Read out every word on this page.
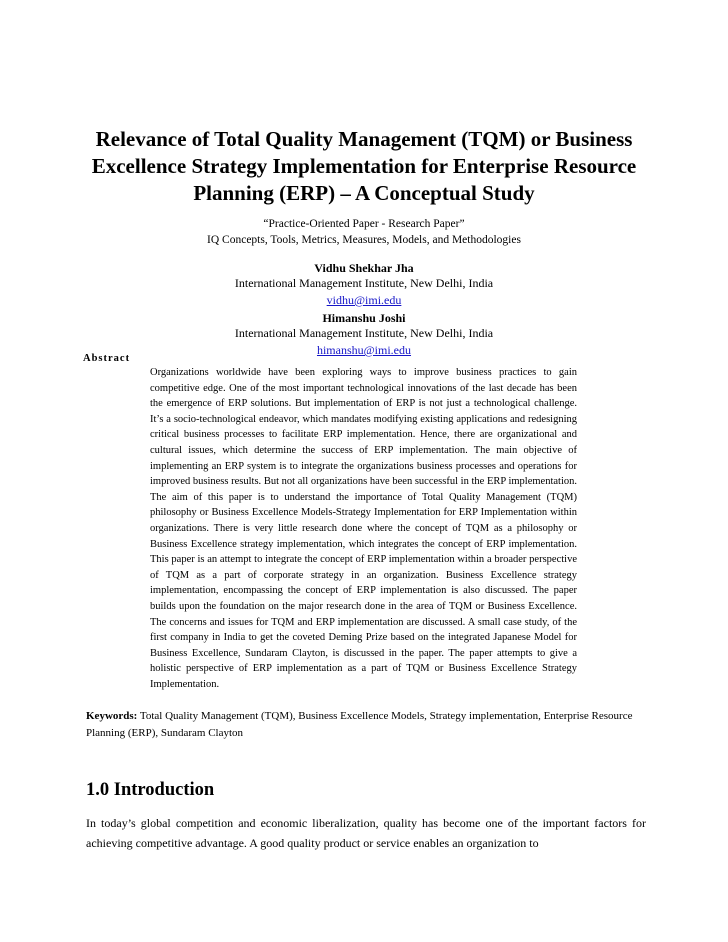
Relevance of Total Quality Management (TQM) or Business Excellence Strategy Implementation for Enterprise Resource Planning (ERP) – A Conceptual Study
“Practice-Oriented Paper - Research Paper”
IQ Concepts, Tools, Metrics, Measures, Models, and Methodologies
Vidhu Shekhar Jha
International Management Institute, New Delhi, India
vidhu@imi.edu
Himanshu Joshi
International Management Institute, New Delhi, India
himanshu@imi.edu
Abstract

Organizations worldwide have been exploring ways to improve business practices to gain competitive edge. One of the most important technological innovations of the last decade has been the emergence of ERP solutions. But implementation of ERP is not just a technological challenge. It’s a socio-technological endeavor, which mandates modifying existing applications and redesigning critical business processes to facilitate ERP implementation. Hence, there are organizational and cultural issues, which determine the success of ERP implementation. The main objective of implementing an ERP system is to integrate the organizations business processes and operations for improved business results. But not all organizations have been successful in the ERP implementation. The aim of this paper is to understand the importance of Total Quality Management (TQM) philosophy or Business Excellence Models-Strategy Implementation for ERP Implementation within organizations. There is very little research done where the concept of TQM as a philosophy or Business Excellence strategy implementation, which integrates the concept of ERP implementation. This paper is an attempt to integrate the concept of ERP implementation within a broader perspective of TQM as a part of corporate strategy in an organization. Business Excellence strategy implementation, encompassing the concept of ERP implementation is also discussed. The paper builds upon the foundation on the major research done in the area of TQM or Business Excellence. The concerns and issues for TQM and ERP implementation are discussed. A small case study, of the first company in India to get the coveted Deming Prize based on the integrated Japanese Model for Business Excellence, Sundaram Clayton, is discussed in the paper. The paper attempts to give a holistic perspective of ERP implementation as a part of TQM or Business Excellence Strategy Implementation.

Keywords: Total Quality Management (TQM), Business Excellence Models, Strategy implementation, Enterprise Resource Planning (ERP), Sundaram Clayton

1.0 Introduction

In today’s global competition and economic liberalization, quality has become one of the important factors for achieving competitive advantage. A good quality product or service enables an organization to
